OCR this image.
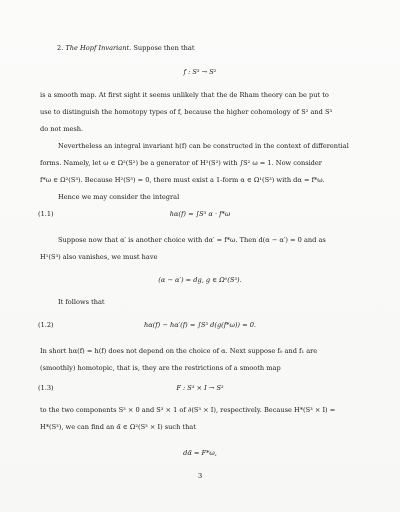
2. The Hopf Invariant. Suppose then that
f : S³ → S²
is a smooth map. At first sight it seems unlikely that the de Rham theory can be put to
use to distinguish the homotopy types of f, because the higher cohomology of S² and S³
do not mesh.
Nevertheless an integral invariant h(f) can be constructed in the context of differential
forms. Namely, let ω ∈ Ω²(S²) be a generator of H²(S²) with ∫S² ω = 1. Now consider
f*ω ∈ Ω²(S³). Because H²(S³) = 0, there must exist a 1-form α ∈ Ω¹(S³) with dα = f*ω.
Hence we may consider the integral
(1.1)	hα(f) = ∫S³ α · f*ω
Suppose now that α′ is another choice with dα′ = f*ω. Then d(α − α′) = 0 and as
H¹(S³) also vanishes, we must have
(α − α′) = dg, g ∈ Ω⁰(S³).
It follows that
(1.2)	hα(f) − hα′(f) = ∫S³ d(g(f*ω)) = 0.
In short hα(f) = h(f) does not depend on the choice of α. Next suppose f₀ and f₁ are
(smoothly) homotopic, that is, they are the restrictions of a smooth map
(1.3)	F : S³ × I → S²
to the two components S³ × 0 and S³ × 1 of ∂(S³ × I), respectively. Because H*(S³ × I) =
H*(S³), we can find an α̃ ∈ Ω²(S³ × I) such that
dα̃ = F*ω,
3
